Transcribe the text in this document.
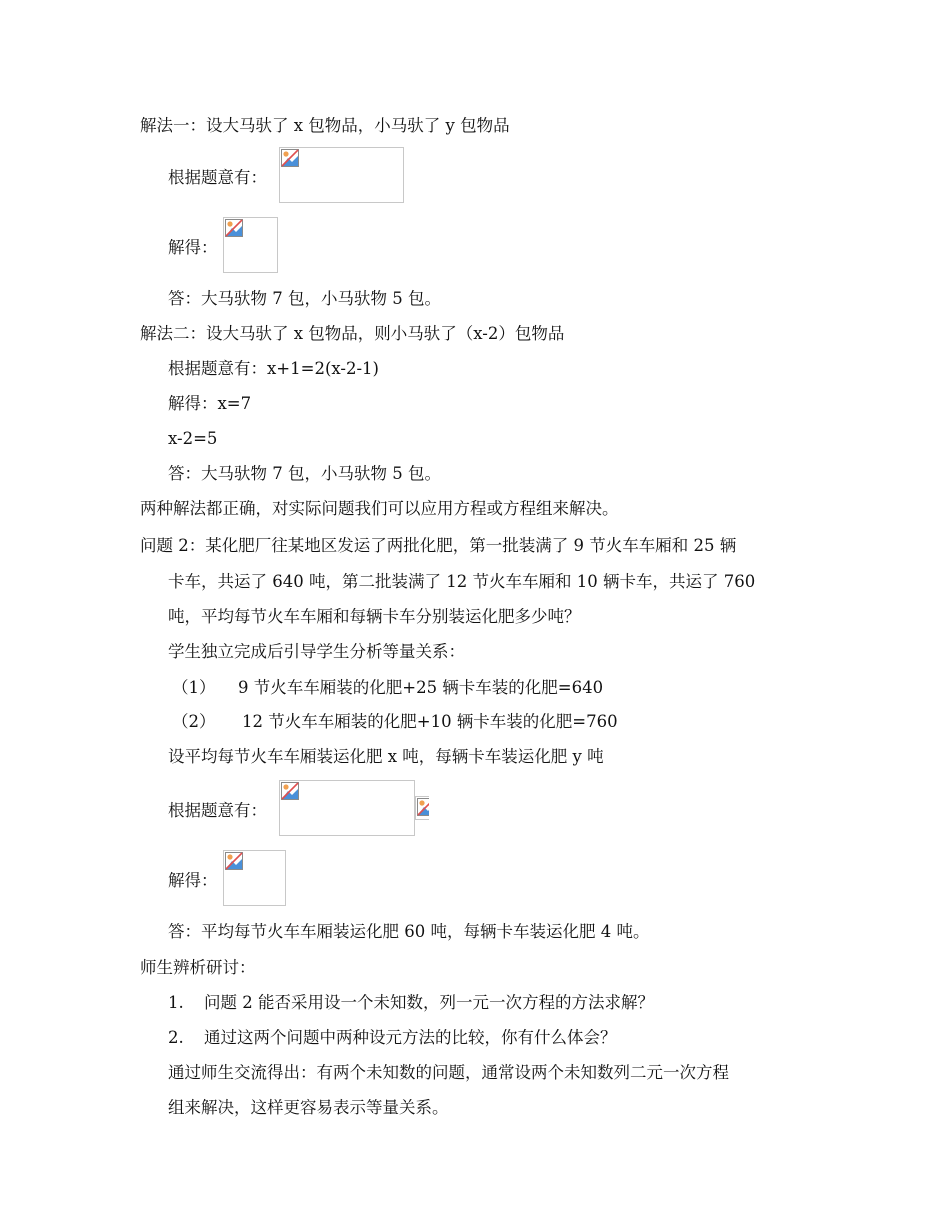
解法一：设大马驮了 x 包物品，小马驮了 y 包物品
根据题意有：
解得：
答：大马驮物 7 包，小马驮物 5 包。
解法二：设大马驮了 x 包物品，则小马驮了（x-2）包物品
根据题意有：x+1=2(x-2-1)
解得：x=7
x-2=5
答：大马驮物 7 包，小马驮物 5 包。
两种解法都正确，对实际问题我们可以应用方程或方程组来解决。
问题 2：某化肥厂往某地区发运了两批化肥，第一批装满了 9 节火车车厢和 25 辆
卡车，共运了 640 吨，第二批装满了 12 节火车车厢和 10 辆卡车，共运了 760
吨，平均每节火车车厢和每辆卡车分别装运化肥多少吨？
学生独立完成后引导学生分析等量关系：
（1） 9 节火车车厢装的化肥+25 辆卡车装的化肥=640
（2） 12 节火车车厢装的化肥+10 辆卡车装的化肥=760
设平均每节火车车厢装运化肥 x 吨，每辆卡车装运化肥 y 吨
根据题意有：
解得：
答：平均每节火车车厢装运化肥 60 吨，每辆卡车装运化肥 4 吨。
师生辨析研讨：
1. 问题 2 能否采用设一个未知数，列一元一次方程的方法求解？
2. 通过这两个问题中两种设元方法的比较，你有什么体会？
通过师生交流得出：有两个未知数的问题，通常设两个未知数列二元一次方程
组来解决，这样更容易表示等量关系。
